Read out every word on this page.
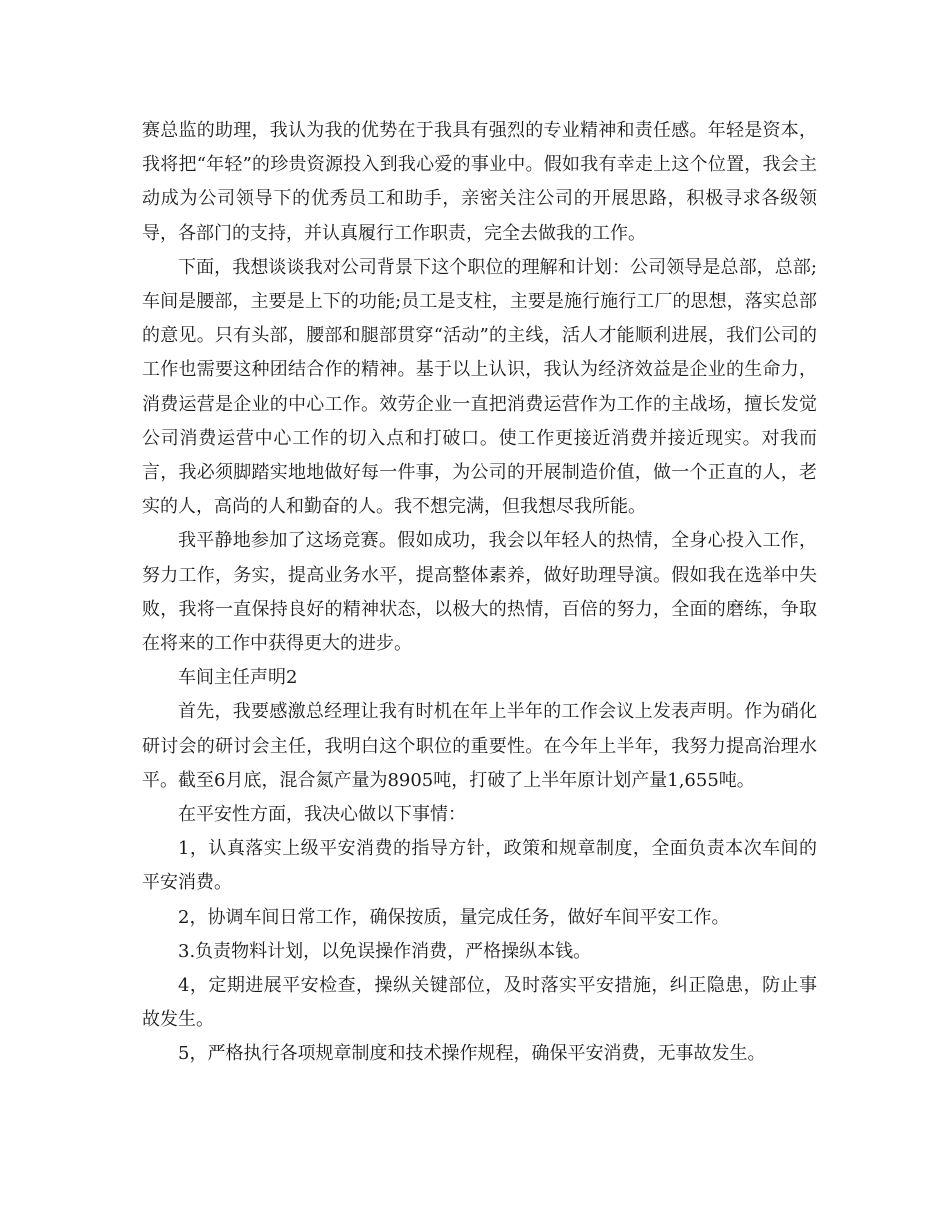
赛总监的助理，我认为我的优势在于我具有强烈的专业精神和责任感。年轻是资本，我将把“年轻”的珍贵资源投入到我心爱的事业中。假如我有幸走上这个位置，我会主动成为公司领导下的优秀员工和助手，亲密关注公司的开展思路，积极寻求各级领导，各部门的支持，并认真履行工作职责，完全去做我的工作。

下面，我想谈谈我对公司背景下这个职位的理解和计划：公司领导是总部，总部;车间是腰部，主要是上下的功能;员工是支柱，主要是施行施行工厂的思想，落实总部的意见。只有头部，腰部和腿部贯穿“活动”的主线，活人才能顺利进展，我们公司的工作也需要这种团结合作的精神。基于以上认识，我认为经济效益是企业的生命力，消费运营是企业的中心工作。效劳企业一直把消费运营作为工作的主战场，擅长发觉公司消费运营中心工作的切入点和打破口。使工作更接近消费并接近现实。对我而言，我必须脚踏实地地做好每一件事，为公司的开展制造价值，做一个正直的人，老实的人，高尚的人和勤奋的人。我不想完满，但我想尽我所能。

我平静地参加了这场竞赛。假如成功，我会以年轻人的热情，全身心投入工作，努力工作，务实，提高业务水平，提高整体素养，做好助理导演。假如我在选举中失败，我将一直保持良好的精神状态，以极大的热情，百倍的努力，全面的磨练，争取在将来的工作中获得更大的进步。

车间主任声明2

首先，我要感激总经理让我有时机在年上半年的工作会议上发表声明。作为硝化研讨会的研讨会主任，我明白这个职位的重要性。在今年上半年，我努力提高治理水平。截至6月底，混合氮产量为8905吨，打破了上半年原计划产量1,655吨。

在平安性方面，我决心做以下事情：

1，认真落实上级平安消费的指导方针，政策和规章制度，全面负责本次车间的平安消费。

2，协调车间日常工作，确保按质，量完成任务，做好车间平安工作。

3.负责物料计划，以免误操作消费，严格操纵本钱。

4，定期进展平安检查，操纵关键部位，及时落实平安措施，纠正隐患，防止事故发生。

5，严格执行各项规章制度和技术操作规程，确保平安消费，无事故发生。
